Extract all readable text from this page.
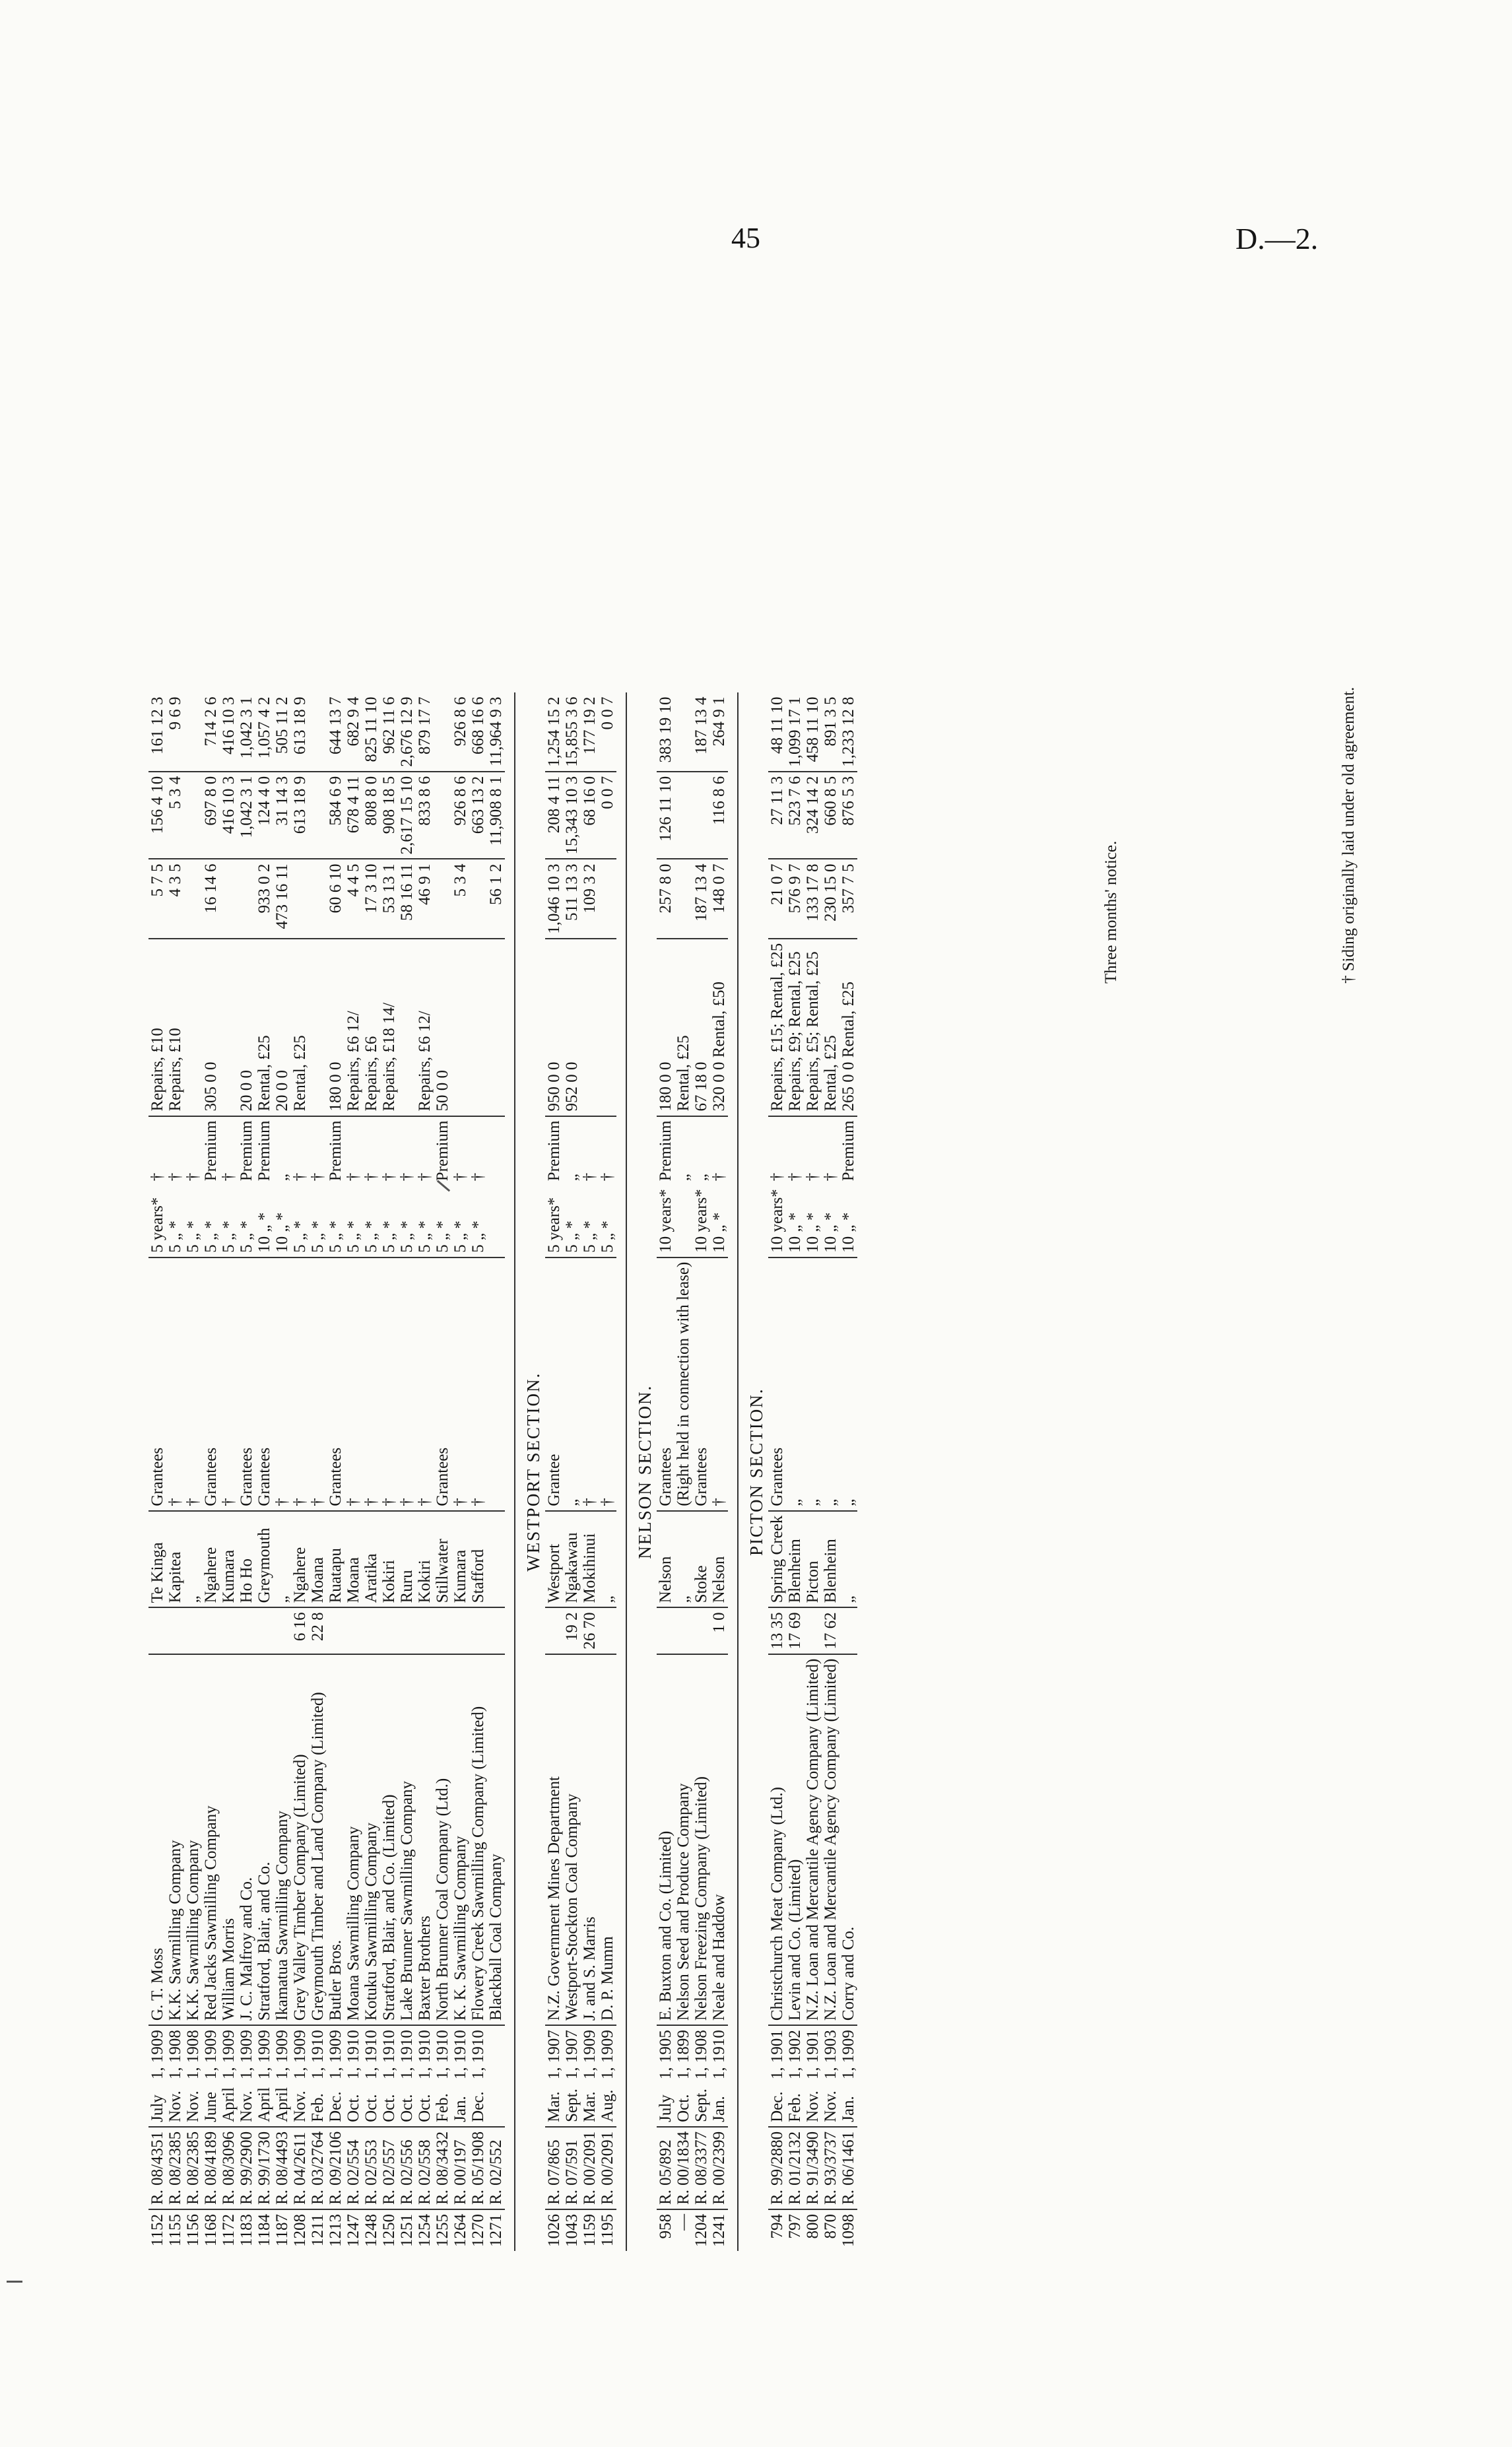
45	D.—2.
1152	R. 08/4351	July	1, 1909	G. T. Moss		Te Kinga	Grantees	5 years*	†	Repairs, £10	5 7 5	156 4 10	161 12 3	
1155	R. 08/2385	Nov.	1, 1908	K.K. Sawmilling Company		Kapitea	†	5 „ *	†	Repairs, £10	4 3 5	5 3 4	9 6 9	
1156	R. 08/2385	Nov.	1, 1908	K.K. Sawmilling Company		„	†	5 „ *	†					
1168	R. 08/4189	June	1, 1909	Red Jacks Sawmilling Company		Ngahere	Grantees	5 „ *	Premium	305 0 0	16 14 6	697 8 0	714 2 6	
1172	R. 08/3096	April	1, 1909	William Morris		Kumara	†	5 „ *	†			416 10 3	416 10 3	
1183	R. 99/2900	Nov.	1, 1909	J. C. Malfroy and Co.		Ho Ho	Grantees	5 „ *	Premium	20 0 0		1,042 3 1	1,042 3 1	
1184	R. 99/1730	April	1, 1909	Stratford, Blair, and Co.		Greymouth	Grantees	10 „ *	Premium	Rental, £25	933 0 2	124 4 0	1,057 4 2	
1187	R. 08/4493	April	1, 1909	Ikamatua Sawmilling Company		„	†	10 „ *	„	20 0 0	473 16 11	31 14 3	505 11 2	
1208	R. 04/2611	Nov.	1, 1909	Grey Valley Timber Company (Limited)	6 16	Ngahere	†	5 „ *	†	Rental, £25		613 18 9	613 18 9	
1211	R. 03/2764	Feb.	1, 1910	Greymouth Timber and Land Company (Limited)	22 8	Moana	†	5 „ *	†					
1213	R. 09/2106	Dec.	1, 1909	Butler Bros.		Ruatapu	Grantees	5 „ *	Premium	180 0 0	60 6 10	584 6 9	644 13 7	
1247	R. 02/554	Oct.	1, 1910	Moana Sawmilling Company		Moana	†	5 „ *	†	Repairs, £6 12/	4 4 5	678 4 11	682 9 4	
1248	R. 02/553	Oct.	1, 1910	Kotuku Sawmilling Company		Aratika	†	5 „ *	†	Repairs, £6	17 3 10	808 8 0	825 11 10	
1250	R. 02/557	Oct.	1, 1910	Stratford, Blair, and Co. (Limited)		Kokiri	†	5 „ *	†	Repairs, £18 14/	53 13 1	908 18 5	962 11 6	
1251	R. 02/556	Oct.	1, 1910	Lake Brunner Sawmilling Company		Ruru	†	5 „ *	†		58 16 11	2,617 15 10	2,676 12 9	
1254	R. 02/558	Oct.	1, 1910	Baxter Brothers		Kokiri	†	5 „ *	†	Repairs, £6 12/	46 9 1	833 8 6	879 17 7	
1255	R. 08/3432	Feb.	1, 1910	North Brunner Coal Company (Ltd.)		Stillwater	Grantees	5 „ *	Premium	50 0 0				
1264	R. 00/197	Jan.	1, 1910	K. K. Sawmilling Company		Kumara	†	5 „ *	†		5 3 4	926 8 6	926 8 6	
1270	R. 05/1908	Dec.	1, 1910	Flowery Creek Sawmilling Company (Limited)		Stafford	†	5 „ *	†			663 13 2	668 16 6	
1271	R. 02/552			Blackball Coal Company							56 1 2	11,908 8 1	11,964 9 3	

WESTPORT SECTION.														
1026	R. 07/865	Mar.	1, 1907	N.Z. Government Mines Department		Westport	Grantee	5 years*	Premium	950 0 0	1,046 10 3	208 4 11	1,254 15 2	
1043	R. 07/591	Sept.	1, 1907	Westport-Stockton Coal Company	19 2	Ngakawau	„	5 „ *	„	952 0 0	511 13 3	15,343 10 3	15,855 3 6	
1159	R. 00/2091	Mar.	1, 1909	J. and S. Marris	26 70	Mokihinui	†	5 „ *	†		109 3 2	68 16 0	177 19 2	
1195	R. 00/2091	Aug.	1, 1909	D. P. Mumm		„	†	5 „ *	†			0 0 7	0 0 7	

NELSON SECTION.														
958	R. 05/892	July	1, 1905	E. Buxton and Co. (Limited)		Nelson	Grantees	10 years*	Premium	180 0 0	257 8 0	126 11 10	383 19 10	
—	R. 00/1834	Oct.	1, 1899	Nelson Seed and Produce Company		„	(Right held in connection with lease)		„	Rental, £25				
1204	R. 08/3377	Sept.	1, 1908	Nelson Freezing Company (Limited)		Stoke	Grantees	10 years*	„	67 18 0	187 13 4		187 13 4	
1241	R. 00/2399	Jan.	1, 1910	Neale and Haddow	1 0	Nelson	†	10 „ *	†	320 0 0 Rental, £50	148 0 7	116 8 6	264 9 1	

PICTON SECTION.														
794	R. 99/2880	Dec.	1, 1901	Christchurch Meat Company (Ltd.)	13 35	Spring Creek	Grantees	10 years*	†	Repairs, £15; Rental, £25	21 0 7	27 11 3	48 11 10	
797	R. 01/2132	Feb.	1, 1902	Levin and Co. (Limited)	17 69	Blenheim	„	10 „ *	†	Repairs, £9; Rental, £25	576 9 7	523 7 6	1,099 17 1	
800	R. 91/3490	Nov.	1, 1901	N.Z. Loan and Mercantile Agency Company (Limited)		Picton	„	10 „ *	†	Repairs, £5; Rental, £25	133 17 8	324 14 2	458 11 10	
870	R. 93/3737	Nov.	1, 1903	N.Z. Loan and Mercantile Agency Company (Limited)	17 62	Blenheim	„	10 „ *	†	Rental, £25	230 15 0	660 8 5	891 3 5	
1098	R. 06/1461	Jan.	1, 1909	Corry and Co.		„	„	10 „ *	Premium	265 0 0 Rental, £25	357 7 5	876 5 3	1,233 12 8	

Three months' notice.	† Siding originally laid under old agreement.
